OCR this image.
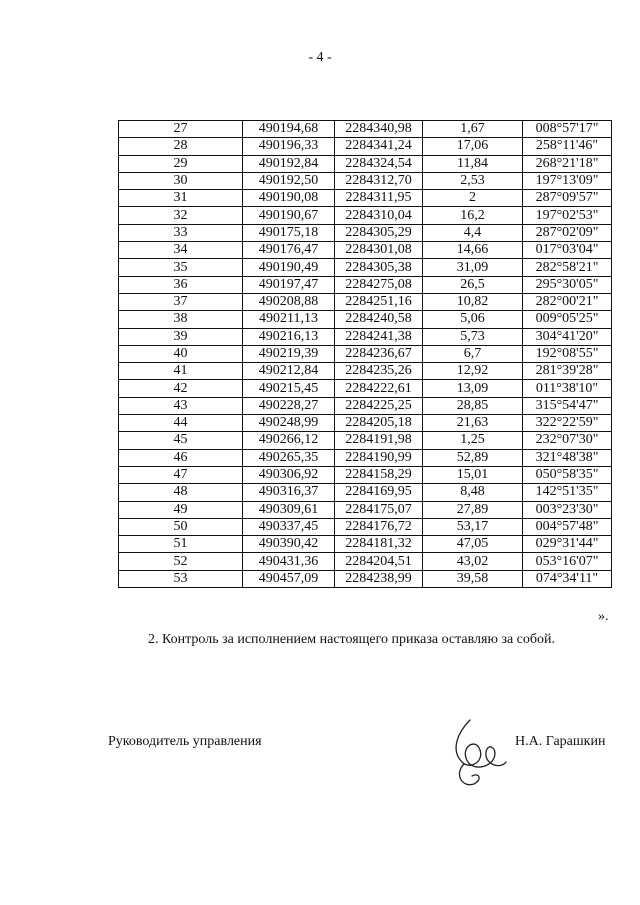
- 4 -
27	490194,68	2284340,98	1,67	008°57'17"
28	490196,33	2284341,24	17,06	258°11'46"
29	490192,84	2284324,54	11,84	268°21'18"
30	490192,50	2284312,70	2,53	197°13'09"
31	490190,08	2284311,95	2	287°09'57"
32	490190,67	2284310,04	16,2	197°02'53"
33	490175,18	2284305,29	4,4	287°02'09"
34	490176,47	2284301,08	14,66	017°03'04"
35	490190,49	2284305,38	31,09	282°58'21"
36	490197,47	2284275,08	26,5	295°30'05"
37	490208,88	2284251,16	10,82	282°00'21"
38	490211,13	2284240,58	5,06	009°05'25"
39	490216,13	2284241,38	5,73	304°41'20"
40	490219,39	2284236,67	6,7	192°08'55"
41	490212,84	2284235,26	12,92	281°39'28"
42	490215,45	2284222,61	13,09	011°38'10"
43	490228,27	2284225,25	28,85	315°54'47"
44	490248,99	2284205,18	21,63	322°22'59"
45	490266,12	2284191,98	1,25	232°07'30"
46	490265,35	2284190,99	52,89	321°48'38"
47	490306,92	2284158,29	15,01	050°58'35"
48	490316,37	2284169,95	8,48	142°51'35"
49	490309,61	2284175,07	27,89	003°23'30"
50	490337,45	2284176,72	53,17	004°57'48"
51	490390,42	2284181,32	47,05	029°31'44"
52	490431,36	2284204,51	43,02	053°16'07"
53	490457,09	2284238,99	39,58	074°34'11"
».
2. Контроль за исполнением настоящего приказа оставляю за собой.
Руководитель управления	Н.А. Гарашкин
